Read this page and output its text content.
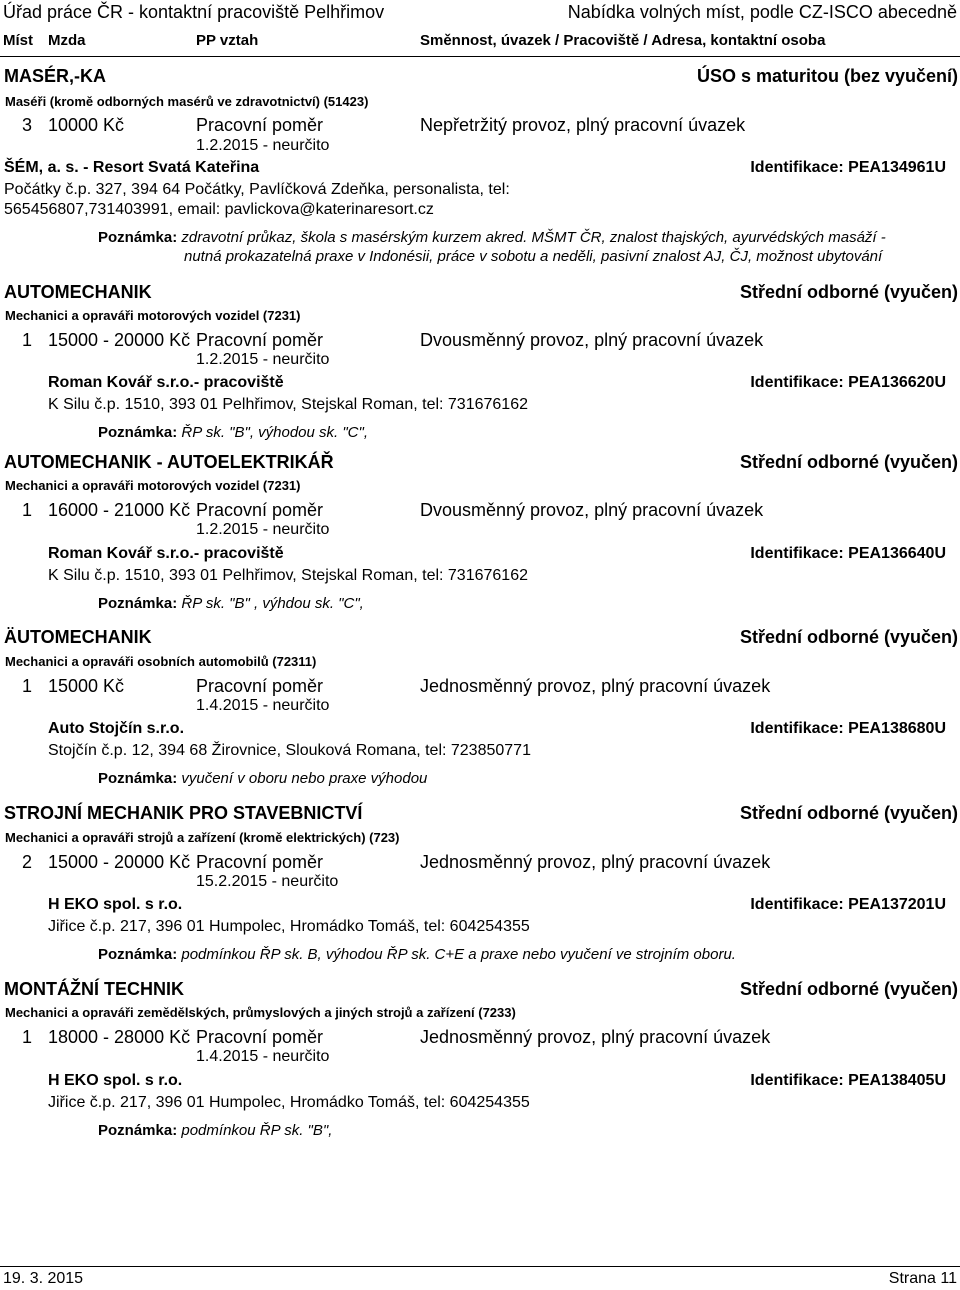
Úřad práce ČR - kontaktní pracoviště Pelhřimov	Nabídka volných míst, podle CZ-ISCO abecedně
Míst Mzda	PP vztah	Směnnost, úvazek / Pracoviště / Adresa, kontaktní osoba
MASÉR,-KA	ÚSO s maturitou (bez vyučení)
Maséři (kromě odborných masérů ve zdravotnictví) (51423)
3 10000 Kč	Pracovní poměr	Nepřetržitý provoz, plný pracovní úvazek
1.2.2015 - neurčito
ŠÉM, a. s. - Resort Svatá Kateřina	Identifikace: PEA134961U
Počátky č.p. 327, 394 64 Počátky, Pavlíčková Zdeňka, personalista, tel:
565456807,731403991, email: pavlickova@katerinaresort.cz
Poznámka: zdravotní průkaz, škola s masérským kurzem akred. MŠMT ČR, znalost thajských, ayurvédských masáží -
nutná prokazatelná praxe v Indonésii, práce v sobotu a neděli, pasivní znalost AJ, ČJ, možnost ubytování
AUTOMECHANIK	Střední odborné (vyučen)
Mechanici a opraváři motorových vozidel (7231)
1 15000 - 20000 Kč Pracovní poměr	Dvousměnný provoz, plný pracovní úvazek
1.2.2015 - neurčito
Roman Kovář s.r.o.- pracoviště	Identifikace: PEA136620U
K Silu č.p. 1510, 393 01 Pelhřimov, Stejskal Roman, tel: 731676162
Poznámka: ŘP sk. "B", výhodou sk. "C",
AUTOMECHANIK - AUTOELEKTRIKÁŘ	Střední odborné (vyučen)
Mechanici a opraváři motorových vozidel (7231)
1 16000 - 21000 Kč Pracovní poměr	Dvousměnný provoz, plný pracovní úvazek
1.2.2015 - neurčito
Roman Kovář s.r.o.- pracoviště	Identifikace: PEA136640U
K Silu č.p. 1510, 393 01 Pelhřimov, Stejskal Roman, tel: 731676162
Poznámka: ŘP sk. "B" , výhdou sk. "C",
ÄUTOMECHANIK	Střední odborné (vyučen)
Mechanici a opraváři osobních automobilů (72311)
1 15000 Kč	Pracovní poměr	Jednosměnný provoz, plný pracovní úvazek
1.4.2015 - neurčito
Auto Stojčín s.r.o.	Identifikace: PEA138680U
Stojčín č.p. 12, 394 68 Žirovnice, Slouková Romana, tel: 723850771
Poznámka: vyučení v oboru nebo praxe výhodou
STROJNÍ MECHANIK PRO STAVEBNICTVÍ	Střední odborné (vyučen)
Mechanici a opraváři strojů a zařízení (kromě elektrických) (723)
2 15000 - 20000 Kč Pracovní poměr	Jednosměnný provoz, plný pracovní úvazek
15.2.2015 - neurčito
H EKO spol. s r.o.	Identifikace: PEA137201U
Jiřice č.p. 217, 396 01 Humpolec, Hromádko Tomáš, tel: 604254355
Poznámka: podmínkou ŘP sk. B, výhodou ŘP sk. C+E a praxe nebo vyučení ve strojním oboru.
MONTÁŽNÍ TECHNIK	Střední odborné (vyučen)
Mechanici a opraváři zemědělských, průmyslových a jiných strojů a zařízení (7233)
1 18000 - 28000 Kč Pracovní poměr	Jednosměnný provoz, plný pracovní úvazek
1.4.2015 - neurčito
H EKO spol. s r.o.	Identifikace: PEA138405U
Jiřice č.p. 217, 396 01 Humpolec, Hromádko Tomáš, tel: 604254355
Poznámka: podmínkou ŘP sk. "B",
19. 3. 2015	Strana 11
